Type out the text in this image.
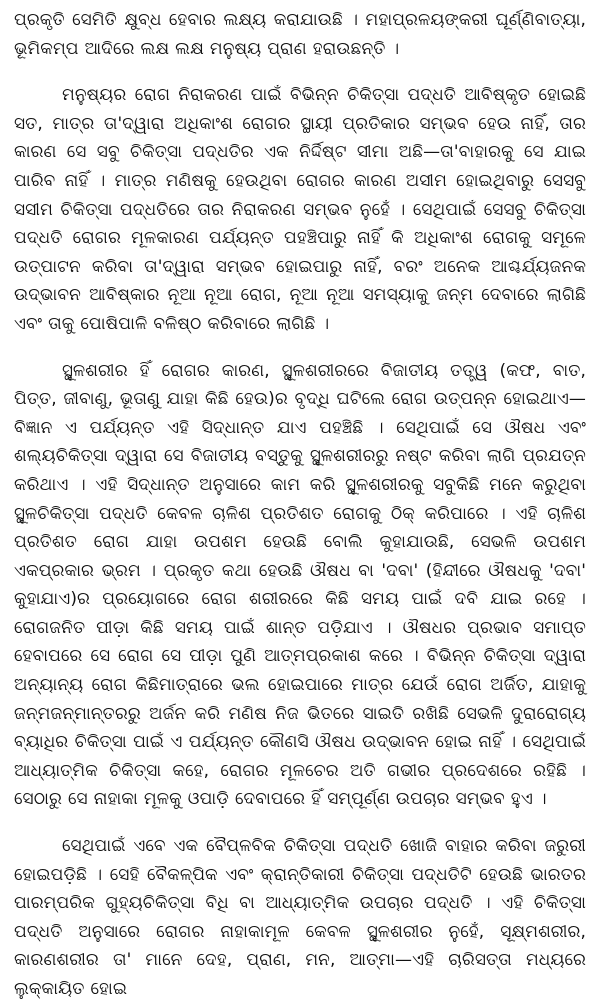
ପ୍ରକୃତି ସେମିତି କ୍ଷୁବ୍ଧ ହେବାର ଲକ୍ଷ୍ୟ କରାଯାଉଛି । ମହାପ୍ରଳୟଙ୍କରୀ ଘୂର୍ଣ୍ଣିବାତ୍ୟା, ଭୂମିକମ୍ପ ଆଦିରେ ଲକ୍ଷ ଲକ୍ଷ ମନୁଷ୍ୟ ପ୍ରାଣ ହରାଉଛନ୍ତି ।

ମନୁଷ୍ୟର ରୋଗ ନିରାକରଣ ପାଇଁ ବିଭିନ୍ନ ଚିକିତ୍ସା ପଦ୍ଧତି ଆବିଷ୍କୃତ ହୋଇଛି ସତ, ମାତ୍ର ତା'ଦ୍ୱାରା ଅଧିକାଂଶ ରୋଗର ସ୍ଥାୟୀ ପ୍ରତିକାର ସମ୍ଭବ ହେଉ ନାହିଁ, ତାର କାରଣ ସେ ସବୁ ଚିକିତ୍ସା ପଦ୍ଧତିର ଏକ ନିର୍ଦ୍ଦିଷ୍ଟ ସୀମା ଅଛି—ତା'ବାହାରକୁ ସେ ଯାଇ ପାରିବ ନାହିଁ । ମାତ୍ର ମଣିଷକୁ ହେଉଥିବା ରୋଗର କାରଣ ଅସୀମ ହୋଇଥିବାରୁ ସେସବୁ ସସୀମ ଚିକିତ୍ସା ପଦ୍ଧତିରେ ତାର ନିରାକରଣ ସମ୍ଭବ ନୁହେଁ । ସେଥିପାଇଁ ସେସବୁ ଚିକିତ୍ସା ପଦ୍ଧତି ରୋଗର ମୂଳକାରଣ ପର୍ଯ୍ୟନ୍ତ ପହଞ୍ଚିପାରୁ ନାହିଁ କି ଅଧିକାଂଶ ରୋଗକୁ ସମୂଳେ ଉତ୍ପାଟନ କରିବା ତା'ଦ୍ୱାରା ସମ୍ଭବ ହୋଇପାରୁ ନାହିଁ, ବରଂ ଅନେକ ଆଶ୍ଚର୍ଯ୍ୟଜନକ ଉଦ୍ଭାବନ ଆବିଷ୍କାର ନୂଆ ନୂଆ ରୋଗ, ନୂଆ ନୂଆ ସମସ୍ୟାକୁ ଜନ୍ମ ଦେବାରେ ଲାଗିଛି ଏବଂ ତାକୁ ପୋଷିପାଳି ବଳିଷ୍ଠ କରିବାରେ ଲାଗିଛି ।

ସ୍ଥୂଳଶରୀର ହିଁ ରୋଗର କାରଣ, ସ୍ଥୂଳଶରୀରରେ ବିଜାତୀୟ ତତ୍ତ୍ୱ (କଫ, ବାତ, ପିତ୍ତ, ଜୀବାଣୁ, ଭୂତାଣୁ ଯାହା କିଛି ହେଉ)ର ବୃଦ୍ଧି ଘଟିଲେ ରୋଗ ଉତ୍ପନ୍ନ ହୋଇଥାଏ—ବିଜ୍ଞାନ ଏ ପର୍ଯ୍ୟନ୍ତ ଏହି ସିଦ୍ଧାନ୍ତ ଯାଏ ପହଞ୍ଚିଛି । ସେଥିପାଇଁ ସେ ଔଷଧ ଏବଂ ଶଲ୍ୟଚିକିତ୍ସା ଦ୍ୱାରା ସେ ବିଜାତୀୟ ବସ୍ତୁକୁ ସ୍ଥୂଳଶରୀରରୁ ନଷ୍ଟ କରିବା ଲାଗି ପ୍ରଯତ୍ନ କରିଥାଏ । ଏହି ସିଦ୍ଧାନ୍ତ ଅନୁସାରେ କାମ କରି ସ୍ଥୂଳଶରୀରକୁ ସବୁକିଛି ମନେ କରୁଥିବା ସ୍ଥୂଳଚିକିତ୍ସା ପଦ୍ଧତି କେବଳ ଚାଳିଶ ପ୍ରତିଶତ ରୋଗକୁ ଠିକ୍ କରିପାରେ । ଏହି ଚାଳିଶ ପ୍ରତିଶତ ରୋଗ ଯାହା ଉପଶମ ହେଉଛି ବୋଲି କୁହାଯାଉଛି, ସେଭଳି ଉପଶମ ଏକପ୍ରକାର ଭ୍ରମ । ପ୍ରକୃତ କଥା ହେଉଛି ଔଷଧ ବା 'ଦବା' (ହିନ୍ଦୀରେ ଔଷଧକୁ 'ଦବା' କୁହାଯାଏ)ର ପ୍ରୟୋଗରେ ରୋଗ ଶରୀରରେ କିଛି ସମୟ ପାଇଁ ଦବି ଯାଇ ରହେ । ରୋଗଜନିତ ପୀଡ଼ା କିଛି ସମୟ ପାଇଁ ଶାନ୍ତ ପଡ଼ିଯାଏ । ଔଷଧର ପ୍ରଭାବ ସମାପ୍ତ ହେବାପରେ ସେ ରୋଗ ସେ ପୀଡ଼ା ପୁଣି ଆତ୍ମପ୍ରକାଶ କରେ । ବିଭିନ୍ନ ଚିକିତ୍ସା ଦ୍ୱାରା ଅନ୍ୟାନ୍ୟ ରୋଗ କିଛିମାତ୍ରାରେ ଭଲ ହୋଇପାରେ ମାତ୍ର ଯେଉଁ ରୋଗ ଅର୍ଜିତ, ଯାହାକୁ ଜନ୍ମଜନ୍ମାନ୍ତରରୁ ଅର୍ଜନ କରି ମଣିଷ ନିଜ ଭିତରେ ସାଇତି ରଖିଛି ସେଭଳି ଦୁରାରୋଗ୍ୟ ବ୍ୟାଧିର ଚିକିତ୍ସା ପାଇଁ ଏ ପର୍ଯ୍ୟନ୍ତ କୌଣସି ଔଷଧ ଉଦ୍ଭାବନ ହୋଇ ନାହିଁ । ସେଥିପାଇଁ ଆଧ୍ୟାତ୍ମିକ ଚିକିତ୍ସା କହେ, ରୋଗର ମୂଳଚେର ଅତି ଗଭୀର ପ୍ରଦେଶରେ ରହିଛି । ସେଠାରୁ ସେ ନାହାକା ମୂଳକୁ ଓପାଡ଼ି ଦେବାପରେ ହିଁ ସମ୍ପୂର୍ଣ୍ଣ ଉପଚାର ସମ୍ଭବ ହୁଏ ।

ସେଥିପାଇଁ ଏବେ ଏକ ବୈପ୍ଳବିକ ଚିକିତ୍ସା ପଦ୍ଧତି ଖୋଜି ବାହାର କରିବା ଜରୁରୀ ହୋଇପଡ଼ିଛି । ସେହି ବୈକଳ୍ପିକ ଏବଂ କ୍ରାନ୍ତିକାରୀ ଚିକିତ୍ସା ପଦ୍ଧତିଟି ହେଉଛି ଭାରତର ପାରମ୍ପରିକ ଗୁହ୍ୟଚିକିତ୍ସା ବିଧି ବା ଆଧ୍ୟାତ୍ମିକ ଉପଚାର ପଦ୍ଧତି । ଏହି ଚିକିତ୍ସା ପଦ୍ଧତି ଅନୁସାରେ ରୋଗର ନାହାକାମୂଳ କେବଳ ସ୍ଥୂଳଶରୀର ନୁହେଁ, ସୂକ୍ଷ୍ମଶରୀର, କାରଣଶରୀର ତା' ମାନେ ଦେହ, ପ୍ରାଣ, ମନ, ଆତ୍ମା—ଏହି ଚାରିସତ୍ତା ମଧ୍ୟରେ ଲୁକ୍କାୟିତ ହୋଇ
